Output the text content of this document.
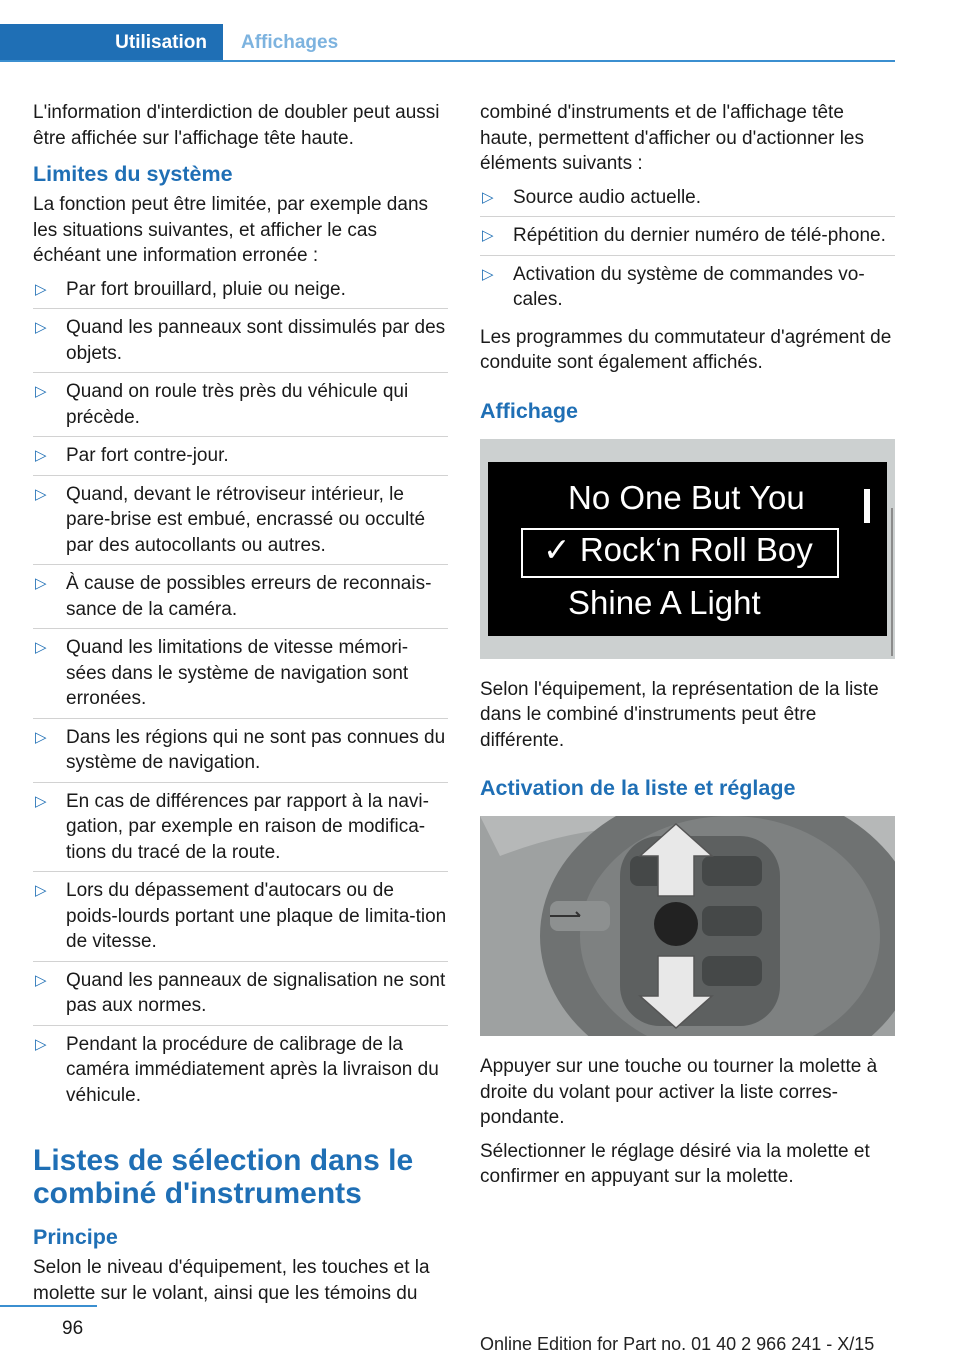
Utilisation	Affichages

L'information d'interdiction de doubler peut aussi être affichée sur l'affichage tête haute.

Limites du système

La fonction peut être limitée, par exemple dans les situations suivantes, et afficher le cas échéant une information erronée :

▷ Par fort brouillard, pluie ou neige.
▷ Quand les panneaux sont dissimulés par des objets.
▷ Quand on roule très près du véhicule qui précède.
▷ Par fort contre-jour.
▷ Quand, devant le rétroviseur intérieur, le pare-brise est embué, encrassé ou occulté par des autocollants ou autres.
▷ À cause de possibles erreurs de reconnais-sance de la caméra.
▷ Quand les limitations de vitesse mémori-sées dans le système de navigation sont erronées.
▷ Dans les régions qui ne sont pas connues du système de navigation.
▷ En cas de différences par rapport à la navi-gation, par exemple en raison de modifica-tions du tracé de la route.
▷ Lors du dépassement d'autocars ou de poids-lourds portant une plaque de limita-tion de vitesse.
▷ Quand les panneaux de signalisation ne sont pas aux normes.
▷ Pendant la procédure de calibrage de la caméra immédiatement après la livraison du véhicule.
Listes de sélection dans le combiné d'instruments
Principe

Selon le niveau d'équipement, les touches et la molette sur le volant, ainsi que les témoins du

combiné d'instruments et de l'affichage tête haute, permettent d'afficher ou d'actionner les éléments suivants :

▷ Source audio actuelle.
▷ Répétition du dernier numéro de télé-phone.
▷ Activation du système de commandes vo-cales.

Les programmes du commutateur d'agrément de conduite sont également affichés.

Affichage
No One But You
✓ Rock‘n Roll Boy
Shine A Light

Selon l'équipement, la représentation de la liste dans le combiné d'instruments peut être différente.

Activation de la liste et réglage

Appuyer sur une touche ou tourner la molette à droite du volant pour activer la liste corres-pondante.

Sélectionner le réglage désiré via la molette et confirmer en appuyant sur la molette.

96
Online Edition for Part no. 01 40 2 966 241 - X/15
